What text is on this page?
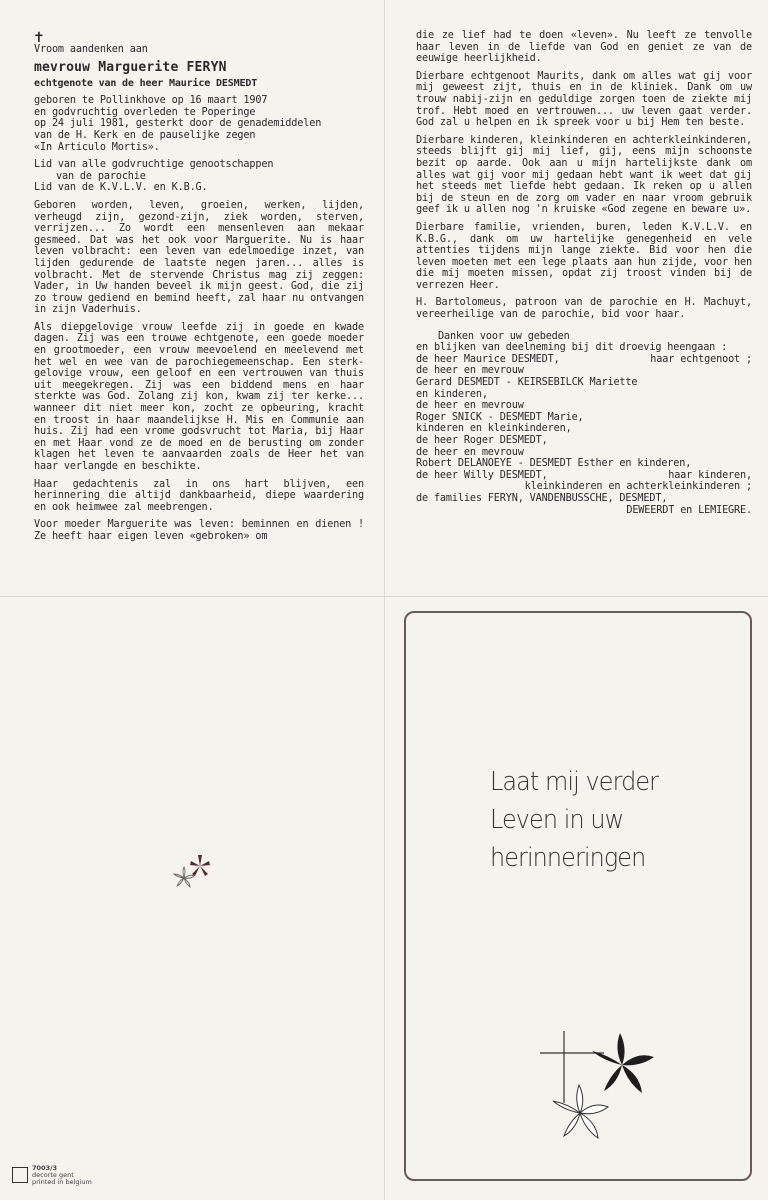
✝
Vroom aandenken aan
mevrouw Marguerite FERYN
echtgenote van de heer Maurice DESMEDT
geboren te Pollinkhove op 16 maart 1907
en godvruchtig overleden te Poperinge
op 24 juli 1981, gesterkt door de genademiddelen
van de H. Kerk en de pauselijke zegen
«In Articulo Mortis».
Lid van alle godvruchtige genootschappen
van de parochie
Lid van de K.V.L.V. en K.B.G.

Geboren worden, leven, groeien, werken, lijden, verheugd zijn, gezond-zijn, ziek worden, sterven, verrijzen... Zo wordt een mensenleven aan mekaar gesmeed. Dat was het ook voor Marguerite. Nu is haar leven volbracht: een leven van edelmoedige inzet, van lijden gedurende de laatste negen jaren... alles is volbracht. Met de stervende Christus mag zij zeggen: Vader, in Uw handen beveel ik mijn geest. God, die zij zo trouw gediend en bemind heeft, zal haar nu ontvangen in zijn Vaderhuis.

Als diepgelovige vrouw leefde zij in goede en kwade dagen. Zij was een trouwe echtgenote, een goede moeder en grootmoeder, een vrouw meevoelend en meelevend met het wel en wee van de parochiegemeenschap. Een sterk-gelovige vrouw, een geloof en een vertrouwen van thuis uit meegekregen. Zij was een biddend mens en haar sterkte was God. Zolang zij kon, kwam zij ter kerke... wanneer dit niet meer kon, zocht ze opbeuring, kracht en troost in haar maandelijkse H. Mis en Communie aan huis. Zij had een vrome godsvrucht tot Maria, bij Haar en met Haar vond ze de moed en de berusting om zonder klagen het leven te aanvaarden zoals de Heer het van haar verlangde en beschikte.

Haar gedachtenis zal in ons hart blijven, een herinnering die altijd dankbaarheid, diepe waardering en ook heimwee zal meebrengen.

Voor moeder Marguerite was leven: beminnen en dienen ! Ze heeft haar eigen leven «gebroken» om

die ze lief had te doen «leven». Nu leeft ze tenvolle haar leven in de liefde van God en geniet ze van de eeuwige heerlijkheid.

Dierbare echtgenoot Maurits, dank om alles wat gij voor mij geweest zijt, thuis en in de kliniek. Dank om uw trouw nabij-zijn en geduldige zorgen toen de ziekte mij trof. Hebt moed en vertrouwen... uw leven gaat verder. God zal u helpen en ik spreek voor u bij Hem ten beste.

Dierbare kinderen, kleinkinderen en achterkleinkinderen, steeds blijft gij mij lief, gij, eens mijn schoonste bezit op aarde. Ook aan u mijn hartelijkste dank om alles wat gij voor mij gedaan hebt want ik weet dat gij het steeds met liefde hebt gedaan. Ik reken op u allen bij de steun en de zorg om vader en naar vroom gebruik geef ik u allen nog 'n kruiske «God zegene en beware u».

Dierbare familie, vrienden, buren, leden K.V.L.V. en K.B.G., dank om uw hartelijke genegenheid en vele attenties tijdens mijn lange ziekte. Bid voor hen die leven moeten met een lege plaats aan hun zijde, voor hen die mij moeten missen, opdat zij troost vinden bij de verrezen Heer.

H. Bartolomeus, patroon van de parochie en H. Machuyt, vereerheilige van de parochie, bid voor haar.

Danken voor uw gebeden
en blijken van deelneming bij dit droevig heengaan :
de heer Maurice DESMEDT,	haar echtgenoot ;
de heer en mevrouw
Gerard DESMEDT - KEIRSEBILCK Mariette
en kinderen,
de heer en mevrouw
Roger SNICK - DESMEDT Marie,
kinderen en kleinkinderen,
de heer Roger DESMEDT,
de heer en mevrouw
Robert DELANOEYE - DESMEDT Esther en kinderen,
de heer Willy DESMEDT,	haar kinderen,
kleinkinderen en achterkleinkinderen ;
de families FERYN, VANDENBUSSCHE, DESMEDT,
DEWEERDT en LEMIEGRE.
Laat mij verder
Leven in uw
herinneringen
7003/3
decorte gent
printed in belgium
